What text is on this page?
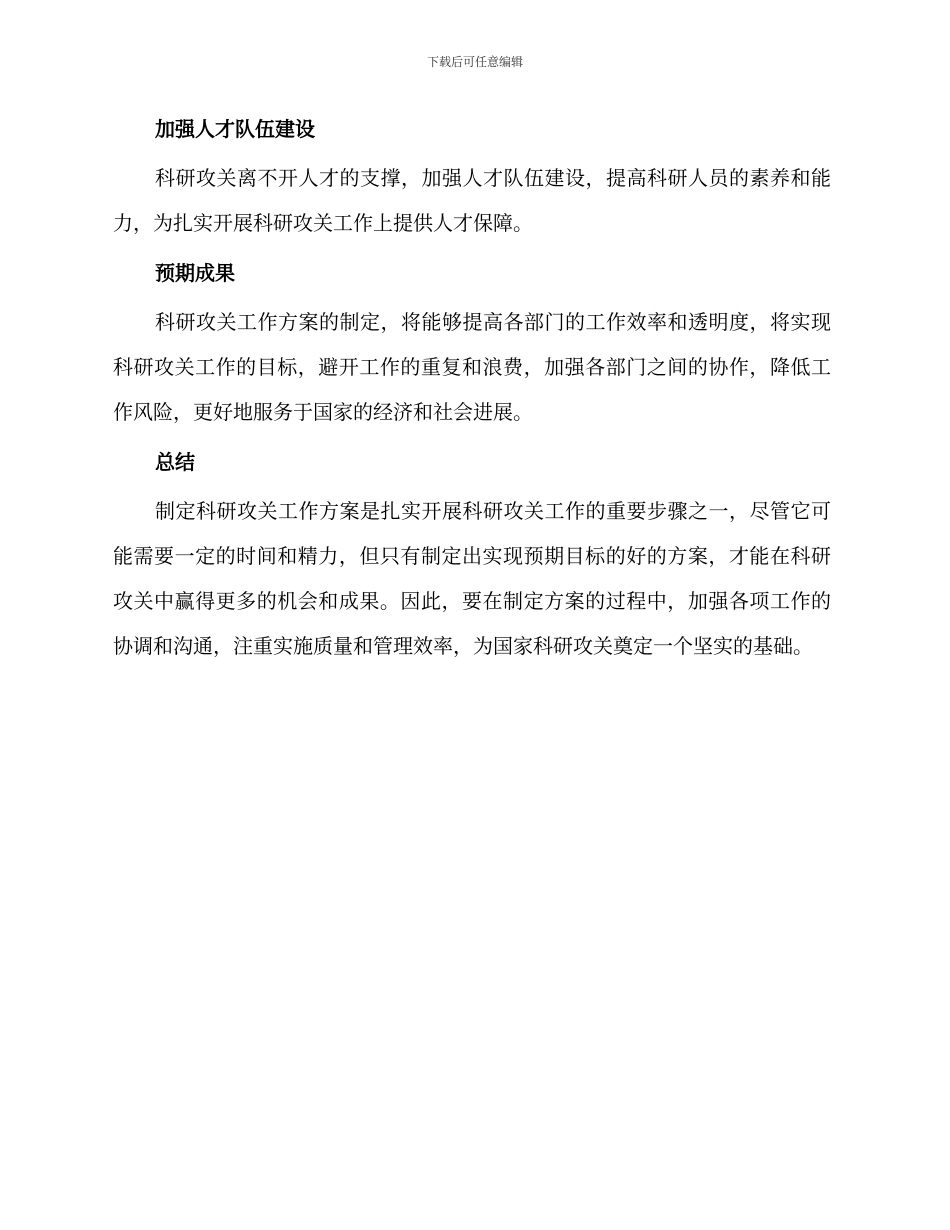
下载后可任意编辑
加强人才队伍建设

科研攻关离不开人才的支撑，加强人才队伍建设，提高科研人员的素养和能力，为扎实开展科研攻关工作上提供人才保障。

预期成果

科研攻关工作方案的制定，将能够提高各部门的工作效率和透明度，将实现科研攻关工作的目标，避开工作的重复和浪费，加强各部门之间的协作，降低工作风险，更好地服务于国家的经济和社会进展。

总结

制定科研攻关工作方案是扎实开展科研攻关工作的重要步骤之一，尽管它可能需要一定的时间和精力，但只有制定出实现预期目标的好的方案，才能在科研攻关中赢得更多的机会和成果。因此，要在制定方案的过程中，加强各项工作的协调和沟通，注重实施质量和管理效率，为国家科研攻关奠定一个坚实的基础。
